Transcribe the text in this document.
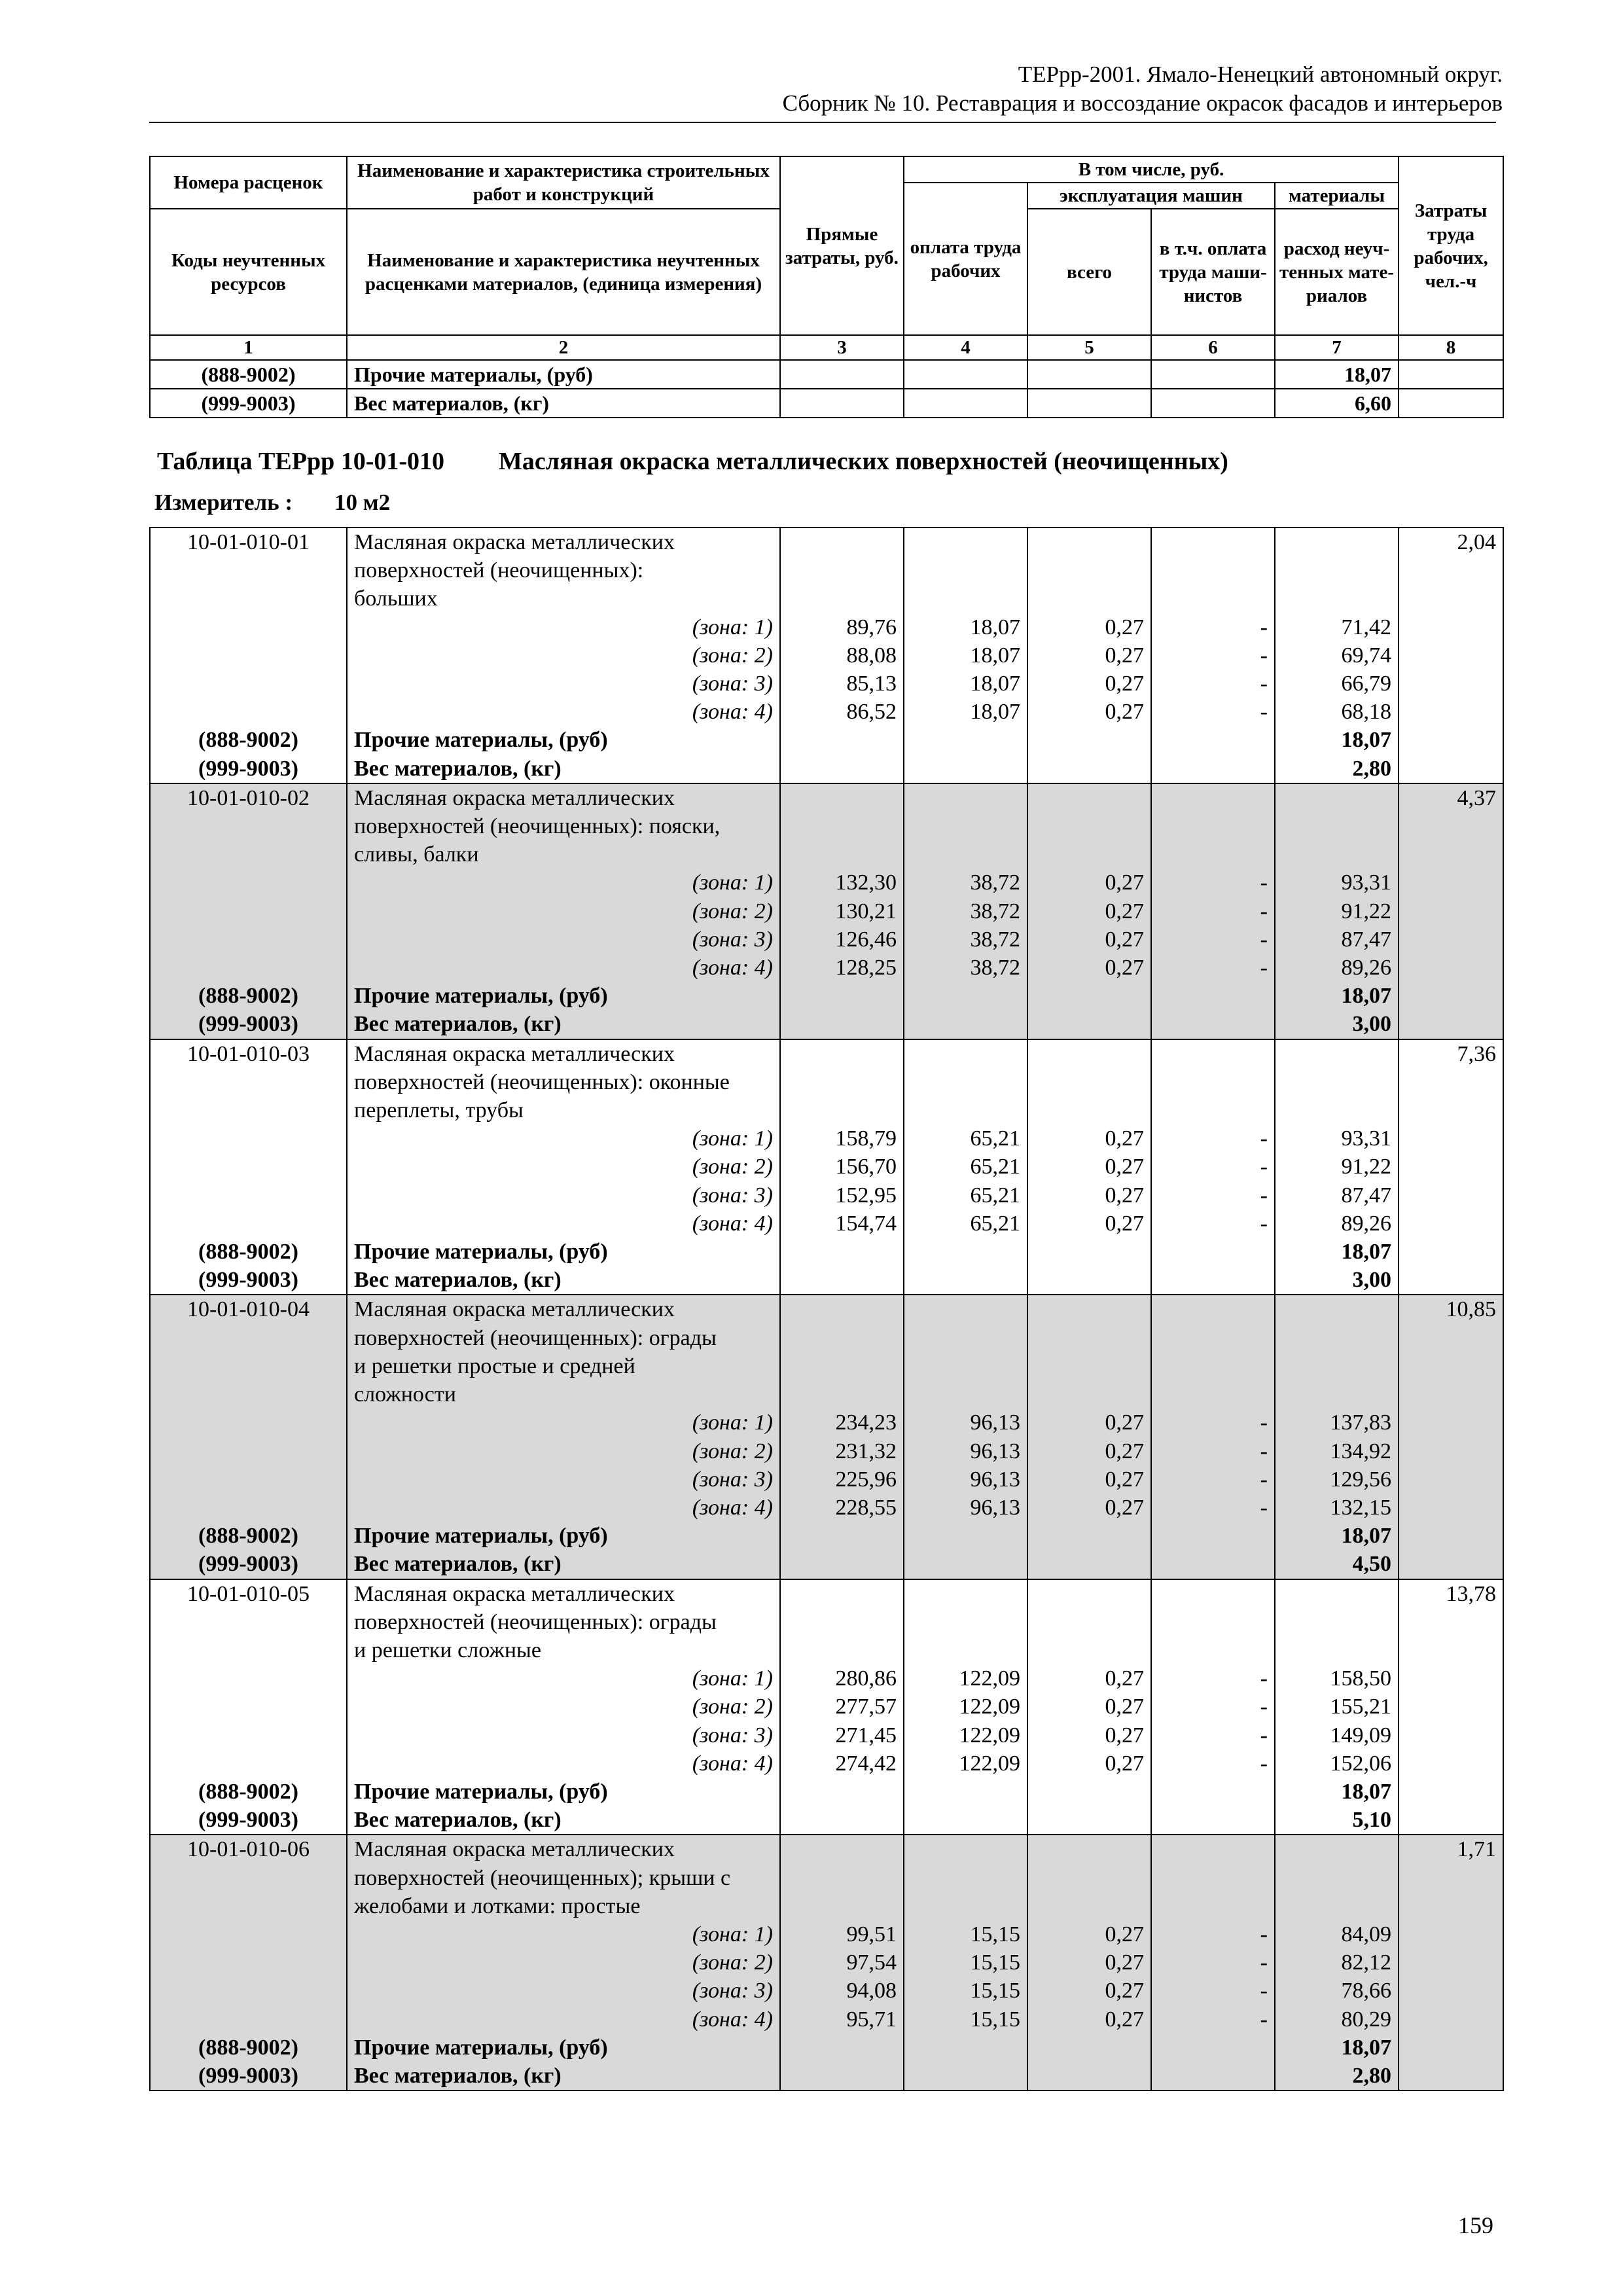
ТЕРрр-2001. Ямало-Ненецкий автономный округ.
Сборник № 10. Реставрация и воссоздание окрасок фасадов и интерьеров
Номера расценок	Наименование и характеристика строительных работ и конструкций	Прямые затраты, руб.	В том числе, руб.				Затраты труда рабочих, чел.-ч
			оплата труда рабочих	эксплуатация машин		материалы	
Коды неучтенных ресурсов	Наименование и характеристика неучтенных расценками материалов, (единица измерения)			всего	в т.ч. оплата труда маши-нистов	расход неуч-тенных мате-риалов	
1	2	3	4	5	6	7	8
(888-9002)	Прочие материалы, (руб)					18,07	
(999-9003)	Вес материалов, (кг)					6,60	
Таблица ТЕРрр 10-01-010 Масляная окраска металлических поверхностей (неочищенных)
Измеритель : 10 м2
10-01-010-01	Масляная окраска металлических						2,04
	поверхностей (неочищенных):						
	больших						
	(зона: 1)	89,76	18,07	0,27	-	71,42	
	(зона: 2)	88,08	18,07	0,27	-	69,74	
	(зона: 3)	85,13	18,07	0,27	-	66,79	
	(зона: 4)	86,52	18,07	0,27	-	68,18	
(888-9002)	Прочие материалы, (руб)					18,07	
(999-9003)	Вес материалов, (кг)					2,80	
10-01-010-02	Масляная окраска металлических						4,37
	поверхностей (неочищенных): пояски,						
	сливы, балки						
	(зона: 1)	132,30	38,72	0,27	-	93,31	
	(зона: 2)	130,21	38,72	0,27	-	91,22	
	(зона: 3)	126,46	38,72	0,27	-	87,47	
	(зона: 4)	128,25	38,72	0,27	-	89,26	
(888-9002)	Прочие материалы, (руб)					18,07	
(999-9003)	Вес материалов, (кг)					3,00	
10-01-010-03	Масляная окраска металлических						7,36
	поверхностей (неочищенных): оконные						
	переплеты, трубы						
	(зона: 1)	158,79	65,21	0,27	-	93,31	
	(зона: 2)	156,70	65,21	0,27	-	91,22	
	(зона: 3)	152,95	65,21	0,27	-	87,47	
	(зона: 4)	154,74	65,21	0,27	-	89,26	
(888-9002)	Прочие материалы, (руб)					18,07	
(999-9003)	Вес материалов, (кг)					3,00	
10-01-010-04	Масляная окраска металлических						10,85
	поверхностей (неочищенных): ограды						
	и решетки простые и средней						
	сложности						
	(зона: 1)	234,23	96,13	0,27	-	137,83	
	(зона: 2)	231,32	96,13	0,27	-	134,92	
	(зона: 3)	225,96	96,13	0,27	-	129,56	
	(зона: 4)	228,55	96,13	0,27	-	132,15	
(888-9002)	Прочие материалы, (руб)					18,07	
(999-9003)	Вес материалов, (кг)					4,50	
10-01-010-05	Масляная окраска металлических						13,78
	поверхностей (неочищенных): ограды						
	и решетки сложные						
	(зона: 1)	280,86	122,09	0,27	-	158,50	
	(зона: 2)	277,57	122,09	0,27	-	155,21	
	(зона: 3)	271,45	122,09	0,27	-	149,09	
	(зона: 4)	274,42	122,09	0,27	-	152,06	
(888-9002)	Прочие материалы, (руб)					18,07	
(999-9003)	Вес материалов, (кг)					5,10	
10-01-010-06	Масляная окраска металлических						1,71
	поверхностей (неочищенных); крыши с						
	желобами и лотками: простые						
	(зона: 1)	99,51	15,15	0,27	-	84,09	
	(зона: 2)	97,54	15,15	0,27	-	82,12	
	(зона: 3)	94,08	15,15	0,27	-	78,66	
	(зона: 4)	95,71	15,15	0,27	-	80,29	
(888-9002)	Прочие материалы, (руб)					18,07	
(999-9003)	Вес материалов, (кг)					2,80	
159
